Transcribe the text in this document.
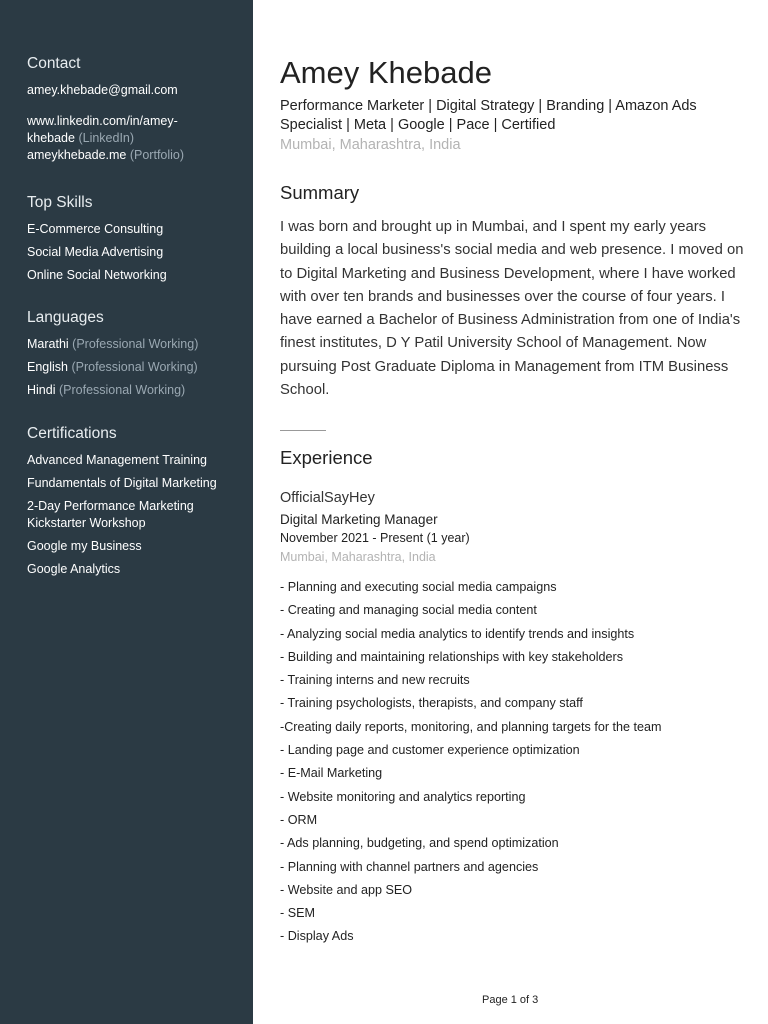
Contact
amey.khebade@gmail.com
www.linkedin.com/in/amey-
khebade (LinkedIn)
ameykhebade.me (Portfolio)
Top Skills
E-Commerce Consulting
Social Media Advertising
Online Social Networking
Languages
Marathi (Professional Working)
English (Professional Working)
Hindi (Professional Working)
Certifications
Advanced Management Training
Fundamentals of Digital Marketing
2-Day Performance Marketing Kickstarter Workshop
Google my Business
Google Analytics
Amey Khebade
Performance Marketer | Digital Strategy | Branding | Amazon Ads Specialist | Meta | Google | Pace | Certified
Mumbai, Maharashtra, India
Summary
I was born and brought up in Mumbai, and I spent my early years building a local business's social media and web presence. I moved on to Digital Marketing and Business Development, where I have worked with over ten brands and businesses over the course of four years. I have earned a Bachelor of Business Administration from one of India's finest institutes, D Y Patil University School of Management. Now pursuing Post Graduate Diploma in Management from ITM Business School.
Experience
OfficialSayHey
Digital Marketing Manager
November 2021 - Present (1 year)
Mumbai, Maharashtra, India
- Planning and executing social media campaigns
- Creating and managing social media content
- Analyzing social media analytics to identify trends and insights
- Building and maintaining relationships with key stakeholders
- Training interns and new recruits
- Training psychologists, therapists, and company staff
-Creating daily reports, monitoring, and planning targets for the team
- Landing page and customer experience optimization
- E-Mail Marketing
- Website monitoring and analytics reporting
- ORM
- Ads planning, budgeting, and spend optimization
- Planning with channel partners and agencies
- Website and app SEO
- SEM
- Display Ads
Page 1 of 3
